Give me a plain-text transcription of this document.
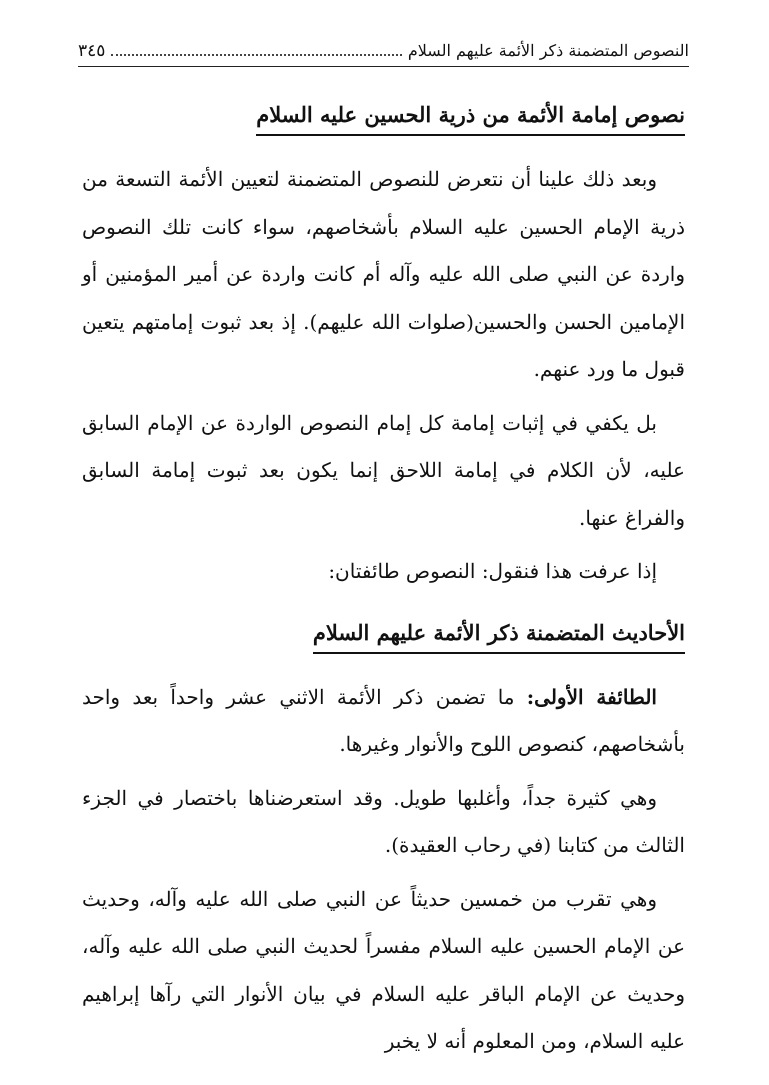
النصوص المتضمنة ذكر الأئمة عليهم السلام
٣٤٥
نصوص إمامة الأئمة من ذرية الحسين عليه السلام

وبعد ذلك علينا أن نتعرض للنصوص المتضمنة لتعيين الأئمة التسعة من ذرية الإمام الحسين عليه السلام بأشخاصهم، سواء كانت تلك النصوص واردة عن النبي صلى الله عليه وآله أم كانت واردة عن أمير المؤمنين أو الإمامين الحسن والحسين(صلوات الله عليهم). إذ بعد ثبوت إمامتهم يتعين قبول ما ورد عنهم.

بل يكفي في إثبات إمامة كل إمام النصوص الواردة عن الإمام السابق عليه، لأن الكلام في إمامة اللاحق إنما يكون بعد ثبوت إمامة السابق والفراغ عنها.

إذا عرفت هذا فنقول: النصوص طائفتان:

الأحاديث المتضمنة ذكر الأئمة عليهم السلام

الطائفة الأولى: ما تضمن ذكر الأئمة الاثني عشر واحداً بعد واحد بأشخاصهم، كنصوص اللوح والأنوار وغيرها.

وهي كثيرة جداً، وأغلبها طويل. وقد استعرضناها باختصار في الجزء الثالث من كتابنا (في رحاب العقيدة).

وهي تقرب من خمسين حديثاً عن النبي صلى الله عليه وآله، وحديث عن الإمام الحسين عليه السلام مفسراً لحديث النبي صلى الله عليه وآله، وحديث عن الإمام الباقر عليه السلام في بيان الأنوار التي رآها إبراهيم عليه السلام، ومن المعلوم أنه لا يخبر
